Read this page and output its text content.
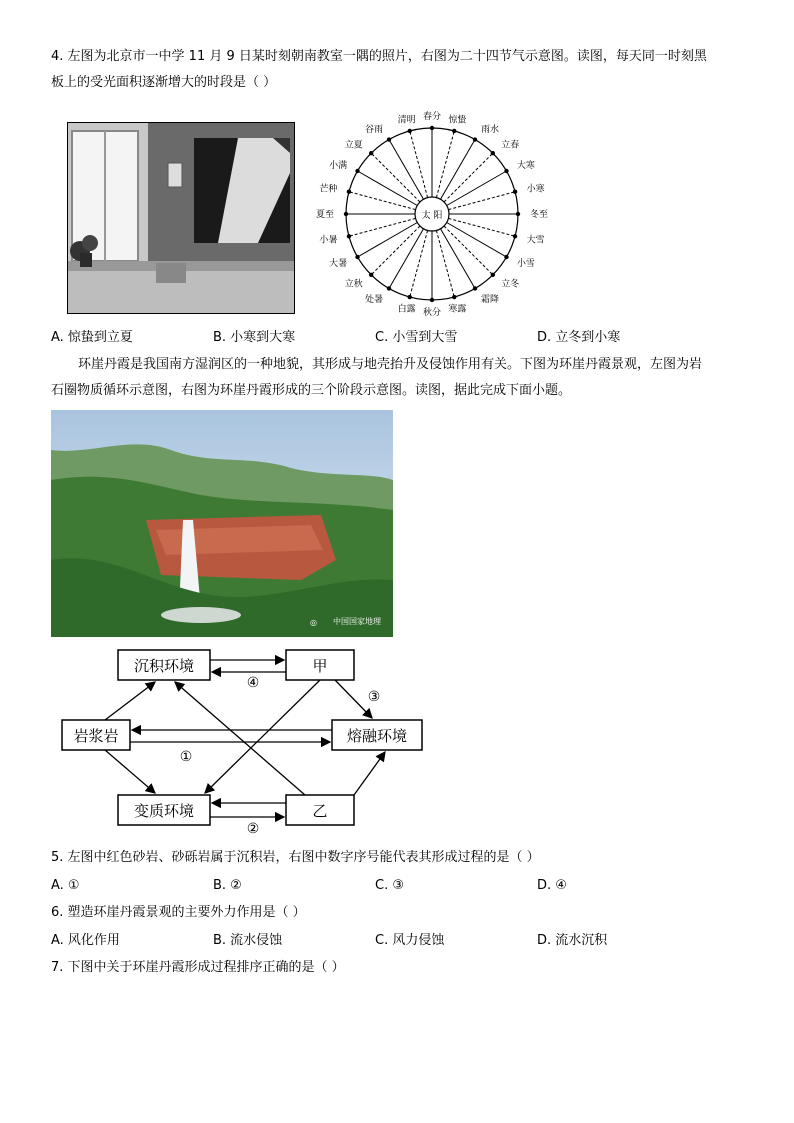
4. 左图为北京市一中学 11 月 9 日某时刻朝南教室一隅的照片，右图为二十四节气示意图。读图，每天同一时刻黑
板上的受光面积逐渐增大的时段是（ ）
太 阳
春分 惊蛰
雨水
立春
大寒
小寒
冬至
大雪
小雪
立冬
霜降
寒露
秋分
白露
处暑
立秋
大暑
小暑
夏至
芒种
小满
立夏
谷雨
清明
A. 惊蛰到立夏	B. 小寒到大寒	C. 小雪到大雪	D. 立冬到小寒
环崖丹霞是我国南方湿润区的一种地貌，其形成与地壳抬升及侵蚀作用有关。下图为环崖丹霞景观，左图为岩
石圈物质循环示意图，右图为环崖丹霞形成的三个阶段示意图。读图，据此完成下面小题。
中国国家地理
◎
沉积环境	甲
岩浆岩	熔融环境
变质环境	乙
④
③
①
②
5. 左图中红色砂岩、砂砾岩属于沉积岩，右图中数字序号能代表其形成过程的是（ ）
A. ①	B. ②	C. ③	D. ④
6. 塑造环崖丹霞景观的主要外力作用是（ ）
A. 风化作用	B. 流水侵蚀	C. 风力侵蚀	D. 流水沉积
7. 下图中关于环崖丹霞形成过程排序正确的是（ ）
